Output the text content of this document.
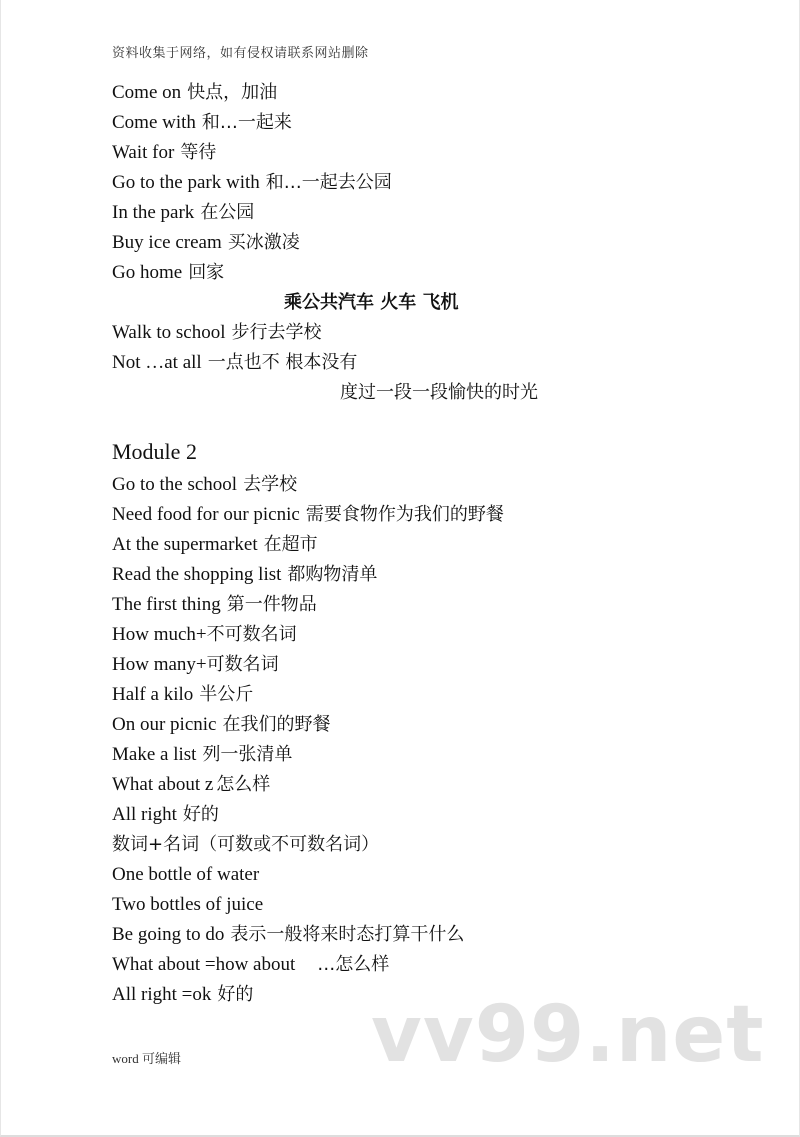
资料收集于网络，如有侵权请联系网站删除
Come on 快点，加油
Come with 和…一起来
Wait for 等待
Go to the park with 和…一起去公园
In the park 在公园
Buy ice cream 买冰激凌
Go home 回家
乘公共汽车 火车 飞机
Walk to school 步行去学校
Not …at all 一点也不 根本没有
度过一段一段愉快的时光
Module 2
Go to the school 去学校
Need food for our picnic 需要食物作为我们的野餐
At the supermarket 在超市
Read the shopping list 都购物清单
The first thing 第一件物品
How much+不可数名词
How many+可数名词
Half a kilo 半公斤
On our picnic 在我们的野餐
Make a list 列一张清单
What about z 怎么样
All right 好的
数词+名词（可数或不可数名词）
One bottle of water
Two bottles of juice
Be going to do 表示一般将来时态打算干什么
What about =how about …怎么样
All right =ok 好的	vv99.net
word 可编辑
